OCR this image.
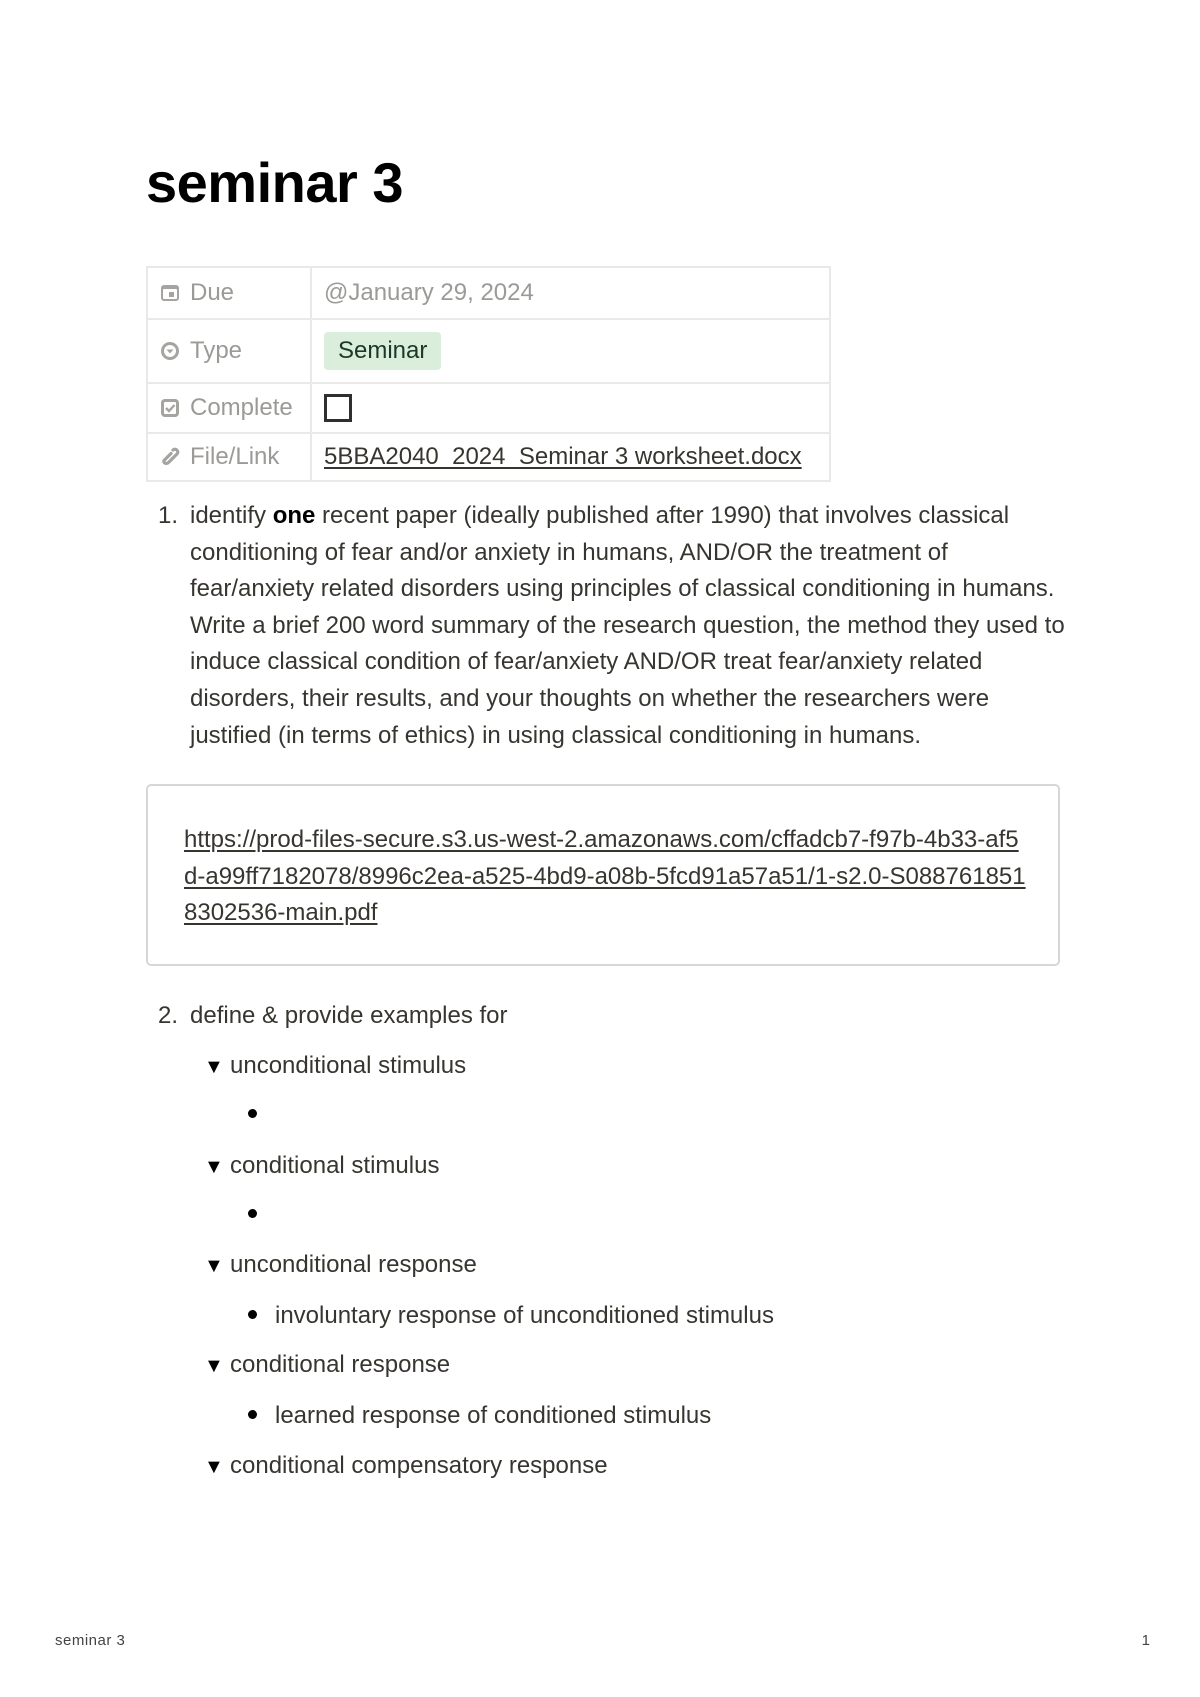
seminar 3
Due	@January 29, 2024
Type	Seminar
Complete	
File/Link	5BBA2040_2024_Seminar 3 worksheet.docx
1. identify one recent paper (ideally published after 1990) that involves classical conditioning of fear and/or anxiety in humans, AND/OR the treatment of fear/anxiety related disorders using principles of classical conditioning in humans. Write a brief 200 word summary of the research question, the method they used to induce classical condition of fear/anxiety AND/OR treat fear/anxiety related disorders, their results, and your thoughts on whether the researchers were justified (in terms of ethics) in using classical conditioning in humans.
https://prod-files-secure.s3.us-west-2.amazonaws.com/cffadcb7-f97b-4b33-af5d-a99ff7182078/8996c2ea-a525-4bd9-a08b-5fcd91a57a51/1-s2.0-S0887618518302536-main.pdf
2. define & provide examples for
▼ unconditional stimulus
▼ conditional stimulus
▼ unconditional response
involuntary response of unconditioned stimulus
▼ conditional response
learned response of conditioned stimulus
▼ conditional compensatory response
seminar 3	1
